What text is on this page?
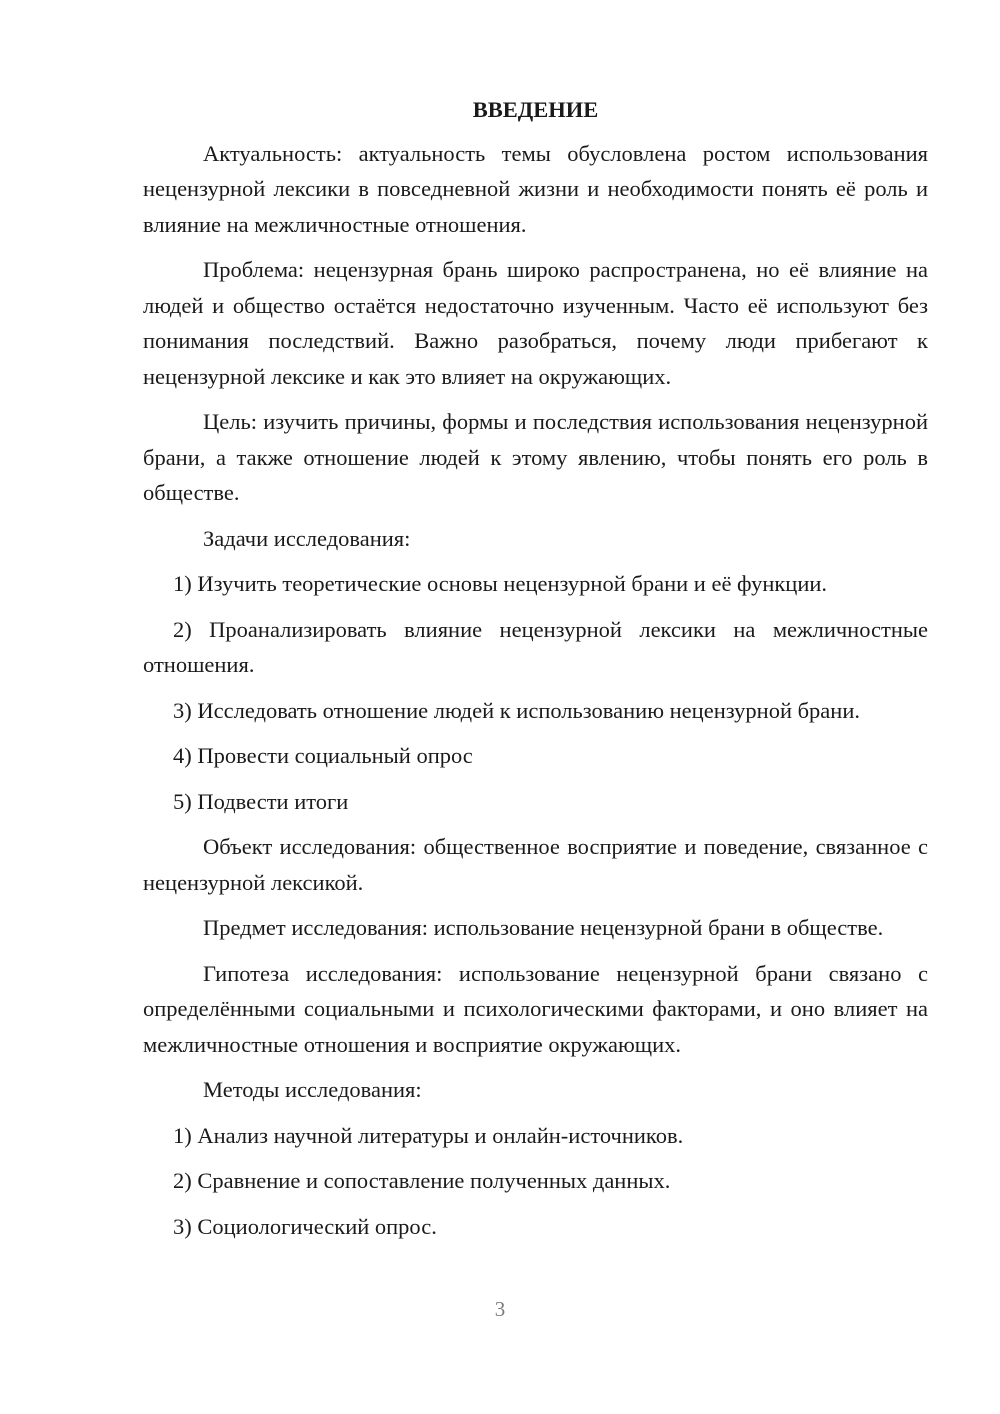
ВВЕДЕНИЕ

Актуальность: актуальность темы обусловлена ростом использования нецензурной лексики в повседневной жизни и необходимости понять её роль и влияние на межличностные отношения.

Проблема: нецензурная брань широко распространена, но её влияние на людей и общество остаётся недостаточно изученным. Часто её используют без понимания последствий. Важно разобраться, почему люди прибегают к нецензурной лексике и как это влияет на окружающих.

Цель: изучить причины, формы и последствия использования нецензурной брани, а также отношение людей к этому явлению, чтобы понять его роль в обществе.

Задачи исследования:

1) Изучить теоретические основы нецензурной брани и её функции.

2) Проанализировать влияние нецензурной лексики на межличностные отношения.

3) Исследовать отношение людей к использованию нецензурной брани.

4) Провести социальный опрос

5) Подвести итоги

Объект исследования: общественное восприятие и поведение, связанное с нецензурной лексикой.

Предмет исследования: использование нецензурной брани в обществе.

Гипотеза исследования: использование нецензурной брани связано с определёнными социальными и психологическими факторами, и оно влияет на межличностные отношения и восприятие окружающих.

Методы исследования:

1) Анализ научной литературы и онлайн-источников.

2) Сравнение и сопоставление полученных данных.

3) Социологический опрос.

3
